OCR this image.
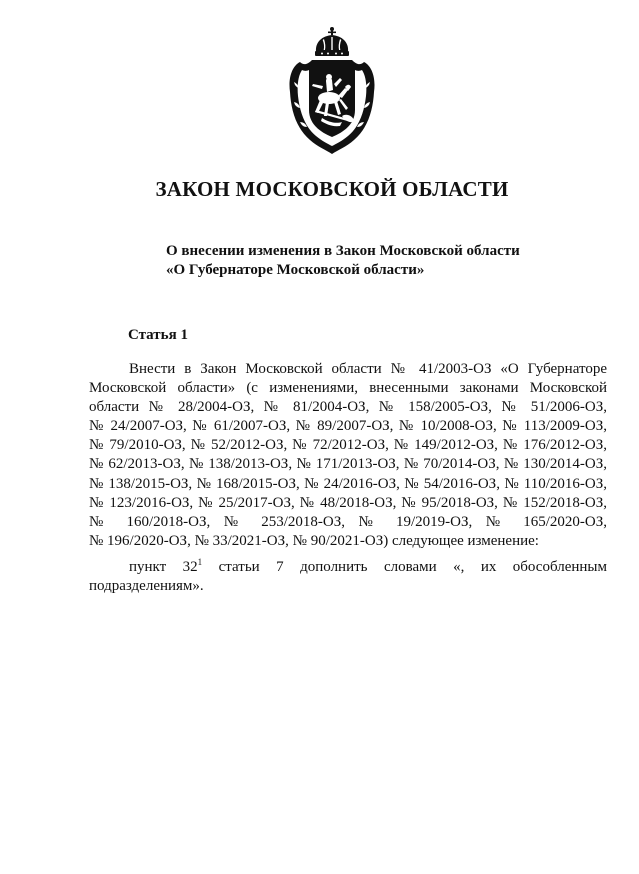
ЗАКОН МОСКОВСКОЙ ОБЛАСТИ
О внесении изменения в Закон Московской области
«О Губернаторе Московской области»
Статья 1
Внести в Закон Московской области № 41/2003-ОЗ «О Губернаторе
Московской области» (с изменениями, внесенными законами Московской
области № 28/2004-ОЗ, № 81/2004-ОЗ, № 158/2005-ОЗ, № 51/2006-ОЗ,
№ 24/2007-ОЗ, № 61/2007-ОЗ, № 89/2007-ОЗ, № 10/2008-ОЗ, № 113/2009-ОЗ,
№ 79/2010-ОЗ, № 52/2012-ОЗ, № 72/2012-ОЗ, № 149/2012-ОЗ, № 176/2012-ОЗ,
№ 62/2013-ОЗ, № 138/2013-ОЗ, № 171/2013-ОЗ, № 70/2014-ОЗ, № 130/2014-ОЗ,
№ 138/2015-ОЗ, № 168/2015-ОЗ, № 24/2016-ОЗ, № 54/2016-ОЗ, № 110/2016-ОЗ,
№ 123/2016-ОЗ, № 25/2017-ОЗ, № 48/2018-ОЗ, № 95/2018-ОЗ, № 152/2018-ОЗ,
№ 160/2018-ОЗ, № 253/2018-ОЗ, № 19/2019-ОЗ, № 165/2020-ОЗ,
№ 196/2020-ОЗ, № 33/2021-ОЗ, № 90/2021-ОЗ) следующее изменение:
пункт $32^1$ статьи 7 дополнить словами «, их обособленным
подразделениям».
